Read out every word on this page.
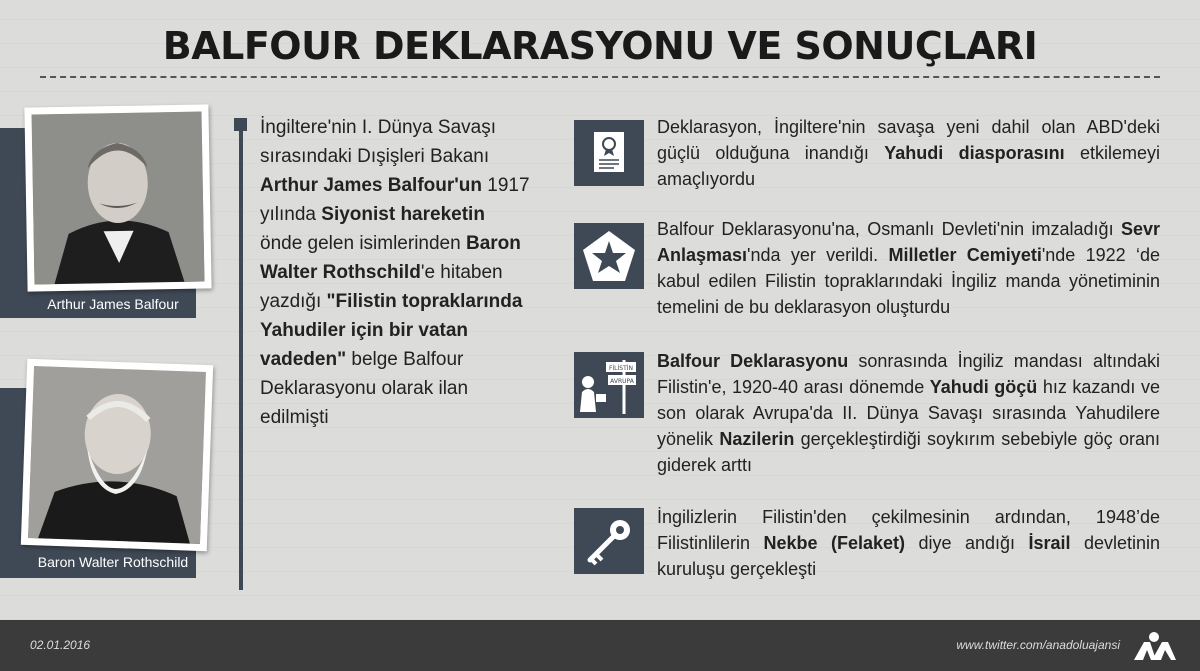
BALFOUR DEKLARASYONU VE SONUÇLARI
Arthur James Balfour
Baron Walter Rothschild
İngiltere'nin I. Dünya Savaşı sırasındaki Dışişleri Bakanı Arthur James Balfour'un 1917 yılında Siyonist hareketin önde gelen isimlerinden Baron Walter Rothschild'e hitaben yazdığı "Filistin topraklarında Yahudiler için bir vatan vadeden" belge Balfour Deklarasyonu olarak ilan edilmişti
Deklarasyon, İngiltere'nin savaşa yeni dahil olan ABD'deki güçlü olduğuna inandığı Yahudi diasporasını etkilemeyi amaçlıyordu
Balfour Deklarasyonu'na, Osmanlı Devleti'nin imzaladığı Sevr Anlaşması'nda yer verildi. Milletler Cemiyeti'nde 1922 ‘de kabul edilen Filistin topraklarındaki İngiliz manda yönetiminin temelini de bu deklarasyon oluşturdu
FİLİSTİN
AVRUPA
Balfour Deklarasyonu sonrasında İngiliz mandası altındaki Filistin'e, 1920-40 arası dönemde Yahudi göçü hız kazandı ve son olarak Avrupa'da II. Dünya Savaşı sırasında Yahudilere yönelik Nazilerin gerçekleştirdiği soykırım sebebiyle göç oranı giderek arttı
İngilizlerin Filistin'den çekilmesinin ardından, 1948’de Filistinlilerin Nekbe (Felaket) diye andığı İsrail devletinin kuruluşu gerçekleşti
02.01.2016	www.twitter.com/anadoluajansi
